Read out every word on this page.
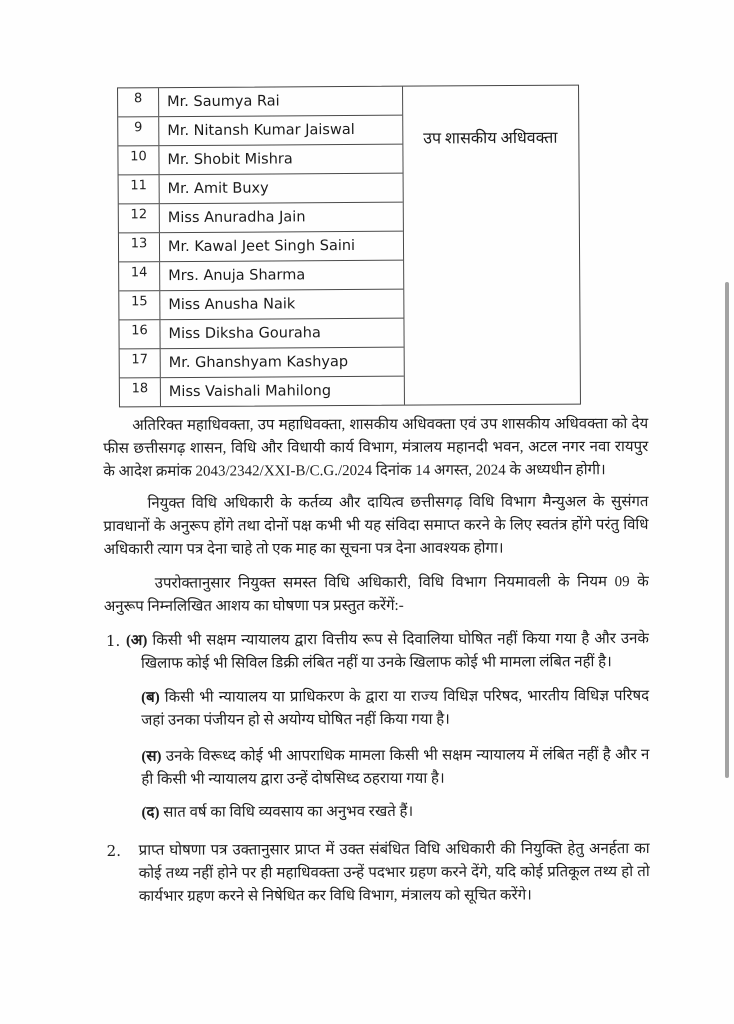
8	Mr. Saumya Rai
9	Mr. Nitansh Kumar Jaiswal
10	Mr. Shobit Mishra
11	Mr. Amit Buxy
12	Miss Anuradha Jain
13	Mr. Kawal Jeet Singh Saini
14	Mrs. Anuja Sharma
15	Miss Anusha Naik
16	Miss Diksha Gouraha
17	Mr. Ghanshyam Kashyap
18	Miss Vaishali Mahilong
उप शासकीय अधिवक्ता

अतिरिक्त महाधिवक्ता, उप महाधिवक्ता, शासकीय अधिवक्ता एवं उप शासकीय अधिवक्ता को देय फीस छत्तीसगढ़ शासन, विधि और विधायी कार्य विभाग, मंत्रालय महानदी भवन, अटल नगर नवा रायपुर के आदेश क्रमांक 2043/2342/XXI-B/C.G./2024 दिनांक 14 अगस्त, 2024 के अध्यधीन होगी।

नियुक्त विधि अधिकारी के कर्तव्य और दायित्व छत्तीसगढ़ विधि विभाग मैन्युअल के सुसंगत प्रावधानों के अनुरूप होंगे तथा दोनों पक्ष कभी भी यह संविदा समाप्त करने के लिए स्वतंत्र होंगे परंतु विधि अधिकारी त्याग पत्र देना चाहे तो एक माह का सूचना पत्र देना आवश्यक होगा।

उपरोक्तानुसार नियुक्त समस्त विधि अधिकारी, विधि विभाग नियमावली के नियम 09 के अनुरूप निम्नलिखित आशय का घोषणा पत्र प्रस्तुत करेंगें:-

1. (अ) किसी भी सक्षम न्यायालय द्वारा वित्तीय रूप से दिवालिया घोषित नहीं किया गया है और उनके खिलाफ कोई भी सिविल डिक्री लंबित नहीं या उनके खिलाफ कोई भी मामला लंबित नहीं है।
(ब) किसी भी न्यायालय या प्राधिकरण के द्वारा या राज्य विधिज्ञ परिषद, भारतीय विधिज्ञ परिषद जहां उनका पंजीयन हो से अयोग्य घोषित नहीं किया गया है।
(स) उनके विरूध्द कोई भी आपराधिक मामला किसी भी सक्षम न्यायालय में लंबित नहीं है और न ही किसी भी न्यायालय द्वारा उन्हें दोषसिध्द ठहराया गया है।
(द) सात वर्ष का विधि व्यवसाय का अनुभव रखते हैं।
2. प्राप्त घोषणा पत्र उक्तानुसार प्राप्त में उक्त संबंधित विधि अधिकारी की नियुक्ति हेतु अनर्हता का कोई तथ्य नहीं होने पर ही महाधिवक्ता उन्हें पदभार ग्रहण करने देंगे, यदि कोई प्रतिकूल तथ्य हो तो कार्यभार ग्रहण करने से निषेधित कर विधि विभाग, मंत्रालय को सूचित करेंगे।
